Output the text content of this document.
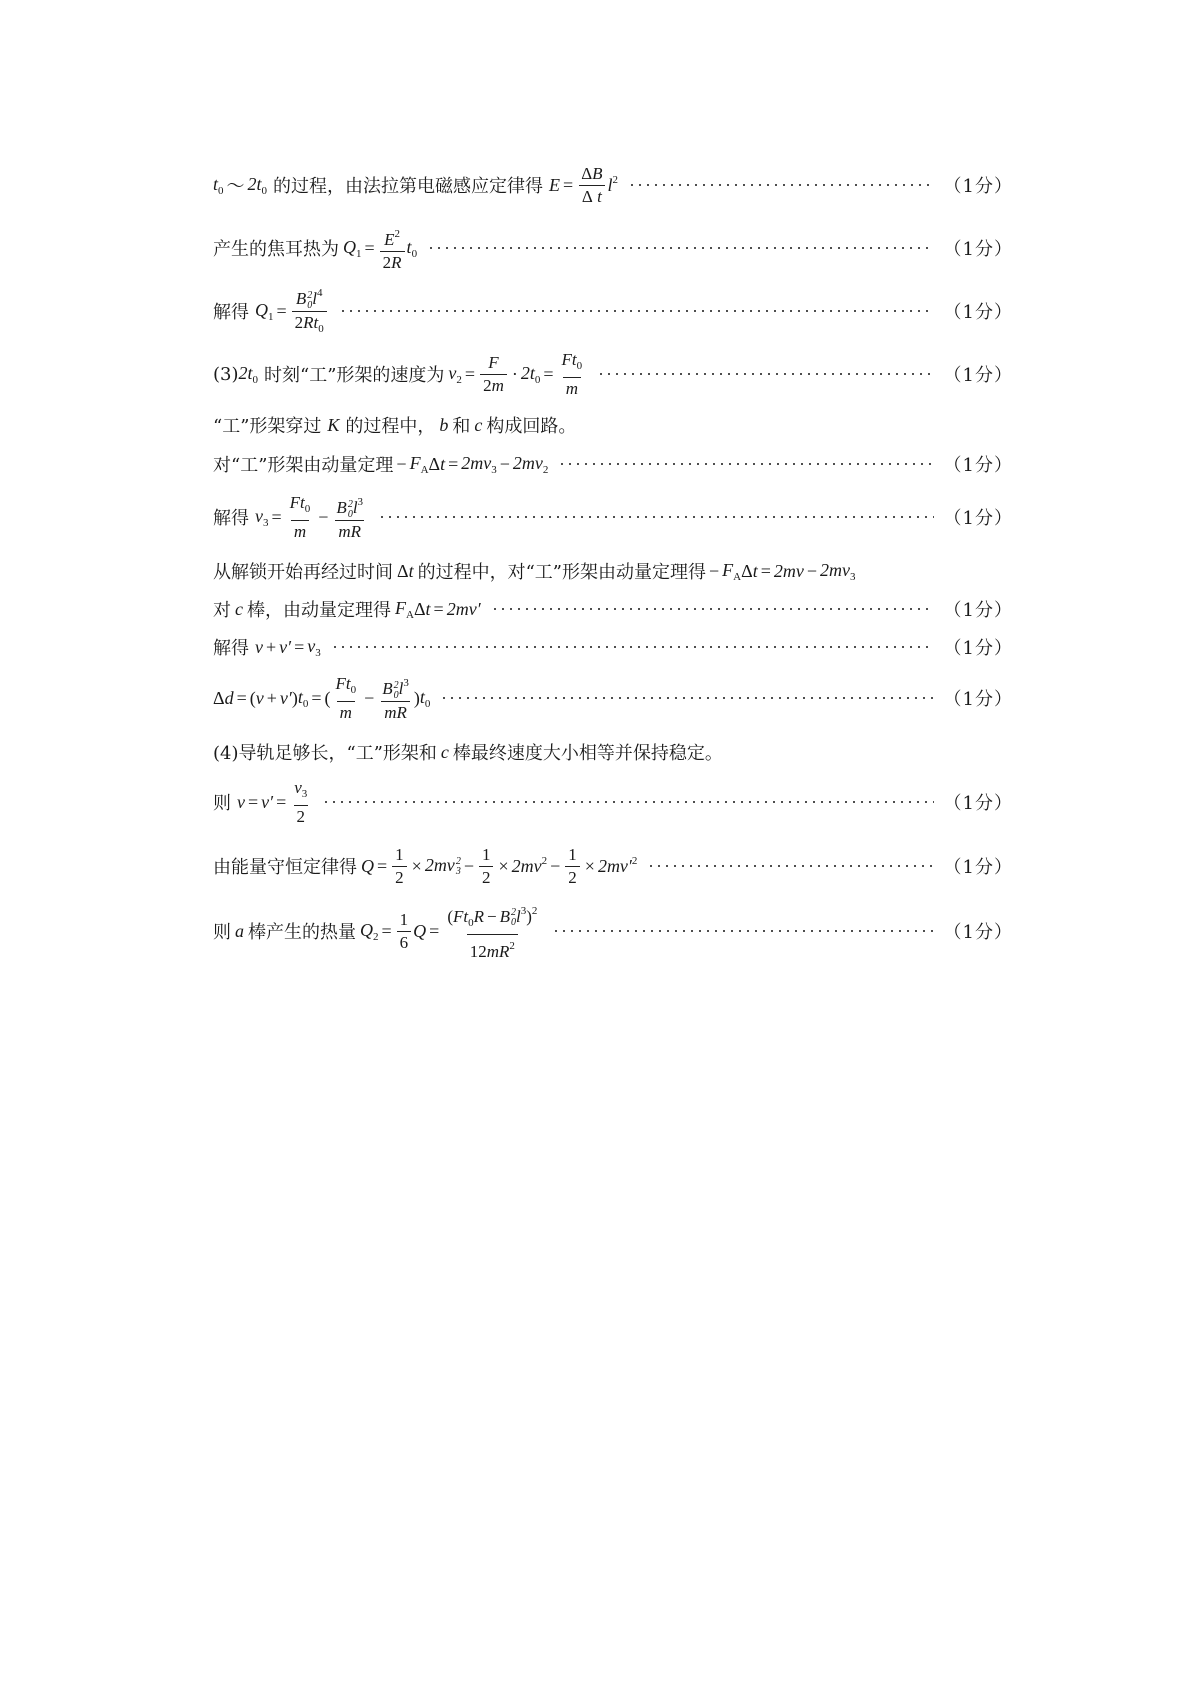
$t_0$ ～ $2t_0$ 的过程，由法拉第电磁感应定律得 $E = \frac{\Delta B}{\text{Δ t}} l^2$	（1分）
产生的焦耳热为 $Q_1 = \frac{E^2}{2R} t_0$	（1分）
解得 $Q_1 = B$ 2
0 $l^4$
$2Rt_0$	（1分）
(3) $2t_0$ 时刻“工”形架的速度为 $v_2 = \frac{F}{2m} \cdot 2t_0 = \frac{Ft_0}{m}$	（1分）
“工”形架穿过 K 的过程中， b 和 c 构成回路。
对“工”形架由动量定理 − $F_A$ Δ $t = 2mv_3 - 2mv_2$	（1分）
解得 $v_3 = \frac{Ft_0}{m} - B$ 2
0 $l^3$
mR	（1分）
从解锁开始再经过时间 Δ t 的过程中，对“工”形架由动量定理得 − $F_A$ Δ $t = 2mv - 2mv_3$
对 c 棒，由动量定理得 $F_A$ Δ t = 2mv′	（1分）
解得 $v + v' = v_3$	（1分）
Δ d = ( v + v′ ) $t_0$ = ( $\frac{Ft_0}{m} - B$ 2
0 $l^3$
mR ) $t_0$	（1分）
(4)导轨足够长，“工”形架和 c 棒最终速度大小相等并保持稳定。
则 $v = v' = \frac{v_3}{2}$	（1分）
由能量守恒定律得 $Q = \frac{1}{2} \times 2mv$ 2
$3 - \frac{1}{2} \times 2mv^2 - \frac{1}{2} \times 2mv'^2$	（1分）
则 a 棒产生的热量 $Q_2 = \frac{1}{6}$ $Q = (Ft_0R - B$ 2
0 $l^3)^2$
$12mR^2$	（1分）
